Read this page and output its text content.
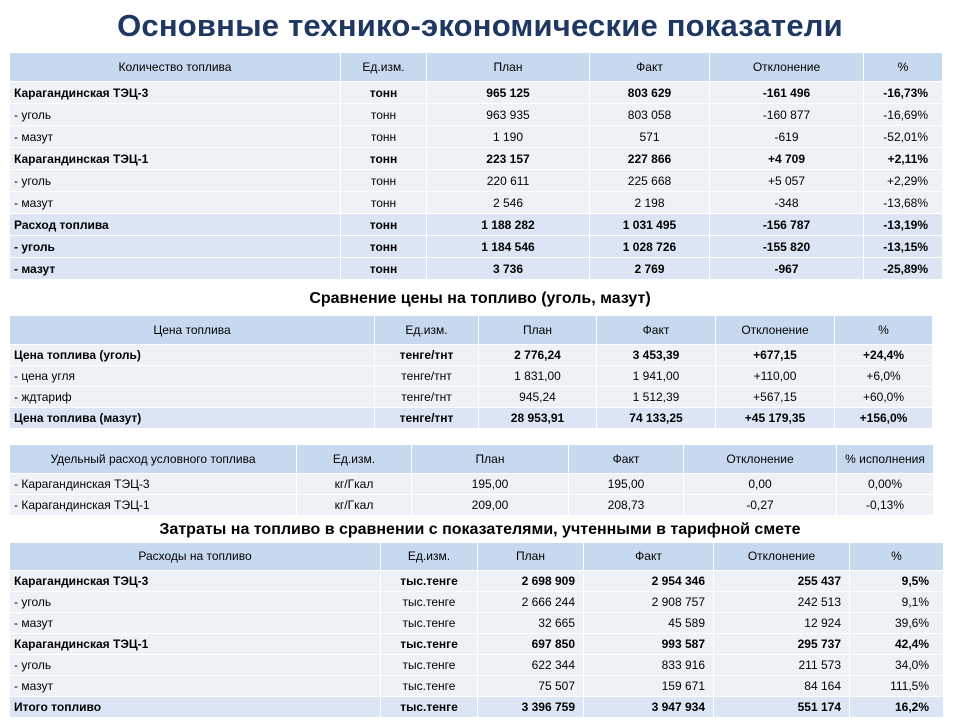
Основные технико-экономические показатели
Количество топлива	Ед.изм.	План	Факт	Отклонение	%
Карагандинская ТЭЦ-3	тонн	965 125	803 629	-161 496	-16,73%
- уголь	тонн	963 935	803 058	-160 877	-16,69%
- мазут	тонн	1 190	571	-619	-52,01%
Карагандинская ТЭЦ-1	тонн	223 157	227 866	+4 709	+2,11%
- уголь	тонн	220 611	225 668	+5 057	+2,29%
- мазут	тонн	2 546	2 198	-348	-13,68%
Расход топлива	тонн	1 188 282	1 031 495	-156 787	-13,19%
- уголь	тонн	1 184 546	1 028 726	-155 820	-13,15%
- мазут	тонн	3 736	2 769	-967	-25,89%
Сравнение цены на топливо (уголь, мазут)
Цена топлива	Ед.изм.	План	Факт	Отклонение	%
Цена топлива (уголь)	тенге/тнт	2 776,24	3 453,39	+677,15	+24,4%
- цена угля	тенге/тнт	1 831,00	1 941,00	+110,00	+6,0%
- ждтариф	тенге/тнт	945,24	1 512,39	+567,15	+60,0%
Цена топлива (мазут)	тенге/тнт	28 953,91	74 133,25	+45 179,35	+156,0%
Удельный расход условного топлива	Ед.изм.	План	Факт	Отклонение	% исполнения
- Карагандинская ТЭЦ-3	кг/Гкал	195,00	195,00	0,00	0,00%
- Карагандинская ТЭЦ-1	кг/Гкал	209,00	208,73	-0,27	-0,13%
Затраты на топливо в сравнении с показателями, учтенными в тарифной смете
Расходы на топливо	Ед.изм.	План	Факт	Отклонение	%
Карагандинская ТЭЦ-3	тыс.тенге	2 698 909	2 954 346	255 437	9,5%
- уголь	тыс.тенге	2 666 244	2 908 757	242 513	9,1%
- мазут	тыс.тенге	32 665	45 589	12 924	39,6%
Карагандинская ТЭЦ-1	тыс.тенге	697 850	993 587	295 737	42,4%
- уголь	тыс.тенге	622 344	833 916	211 573	34,0%
- мазут	тыс.тенге	75 507	159 671	84 164	111,5%
Итого топливо	тыс.тенге	3 396 759	3 947 934	551 174	16,2%
